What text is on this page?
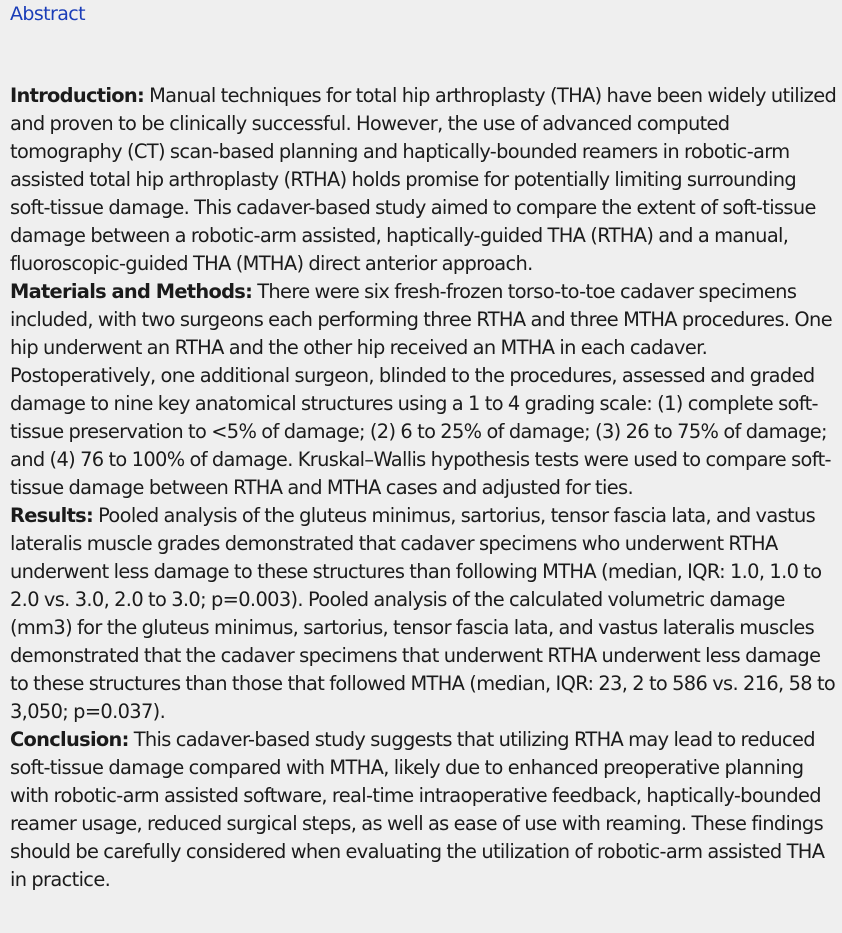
Abstract

Introduction: Manual techniques for total hip arthroplasty (THA) have been widely utilized and proven to be clinically successful. However, the use of advanced computed tomography (CT) scan-based planning and haptically-bounded reamers in robotic-arm assisted total hip arthroplasty (RTHA) holds promise for potentially limiting surrounding soft-tissue damage. This cadaver-based study aimed to compare the extent of soft-tissue damage between a robotic-arm assisted, haptically-guided THA (RTHA) and a manual, fluoroscopic-guided THA (MTHA) direct anterior approach.

Materials and Methods: There were six fresh-frozen torso-to-toe cadaver specimens included, with two surgeons each performing three RTHA and three MTHA procedures. One hip underwent an RTHA and the other hip received an MTHA in each cadaver. Postoperatively, one additional surgeon, blinded to the procedures, assessed and graded damage to nine key anatomical structures using a 1 to 4 grading scale: (1) complete soft-tissue preservation to <5% of damage; (2) 6 to 25% of damage; (3) 26 to 75% of damage; and (4) 76 to 100% of damage. Kruskal–Wallis hypothesis tests were used to compare soft-tissue damage between RTHA and MTHA cases and adjusted for ties.

Results: Pooled analysis of the gluteus minimus, sartorius, tensor fascia lata, and vastus lateralis muscle grades demonstrated that cadaver specimens who underwent RTHA underwent less damage to these structures than following MTHA (median, IQR: 1.0, 1.0 to 2.0 vs. 3.0, 2.0 to 3.0; p=0.003). Pooled analysis of the calculated volumetric damage (mm3) for the gluteus minimus, sartorius, tensor fascia lata, and vastus lateralis muscles demonstrated that the cadaver specimens that underwent RTHA underwent less damage to these structures than those that followed MTHA (median, IQR: 23, 2 to 586 vs. 216, 58 to 3,050; p=0.037).

Conclusion: This cadaver-based study suggests that utilizing RTHA may lead to reduced soft-tissue damage compared with MTHA, likely due to enhanced preoperative planning with robotic-arm assisted software, real-time intraoperative feedback, haptically-bounded reamer usage, reduced surgical steps, as well as ease of use with reaming. These findings should be carefully considered when evaluating the utilization of robotic-arm assisted THA in practice.
